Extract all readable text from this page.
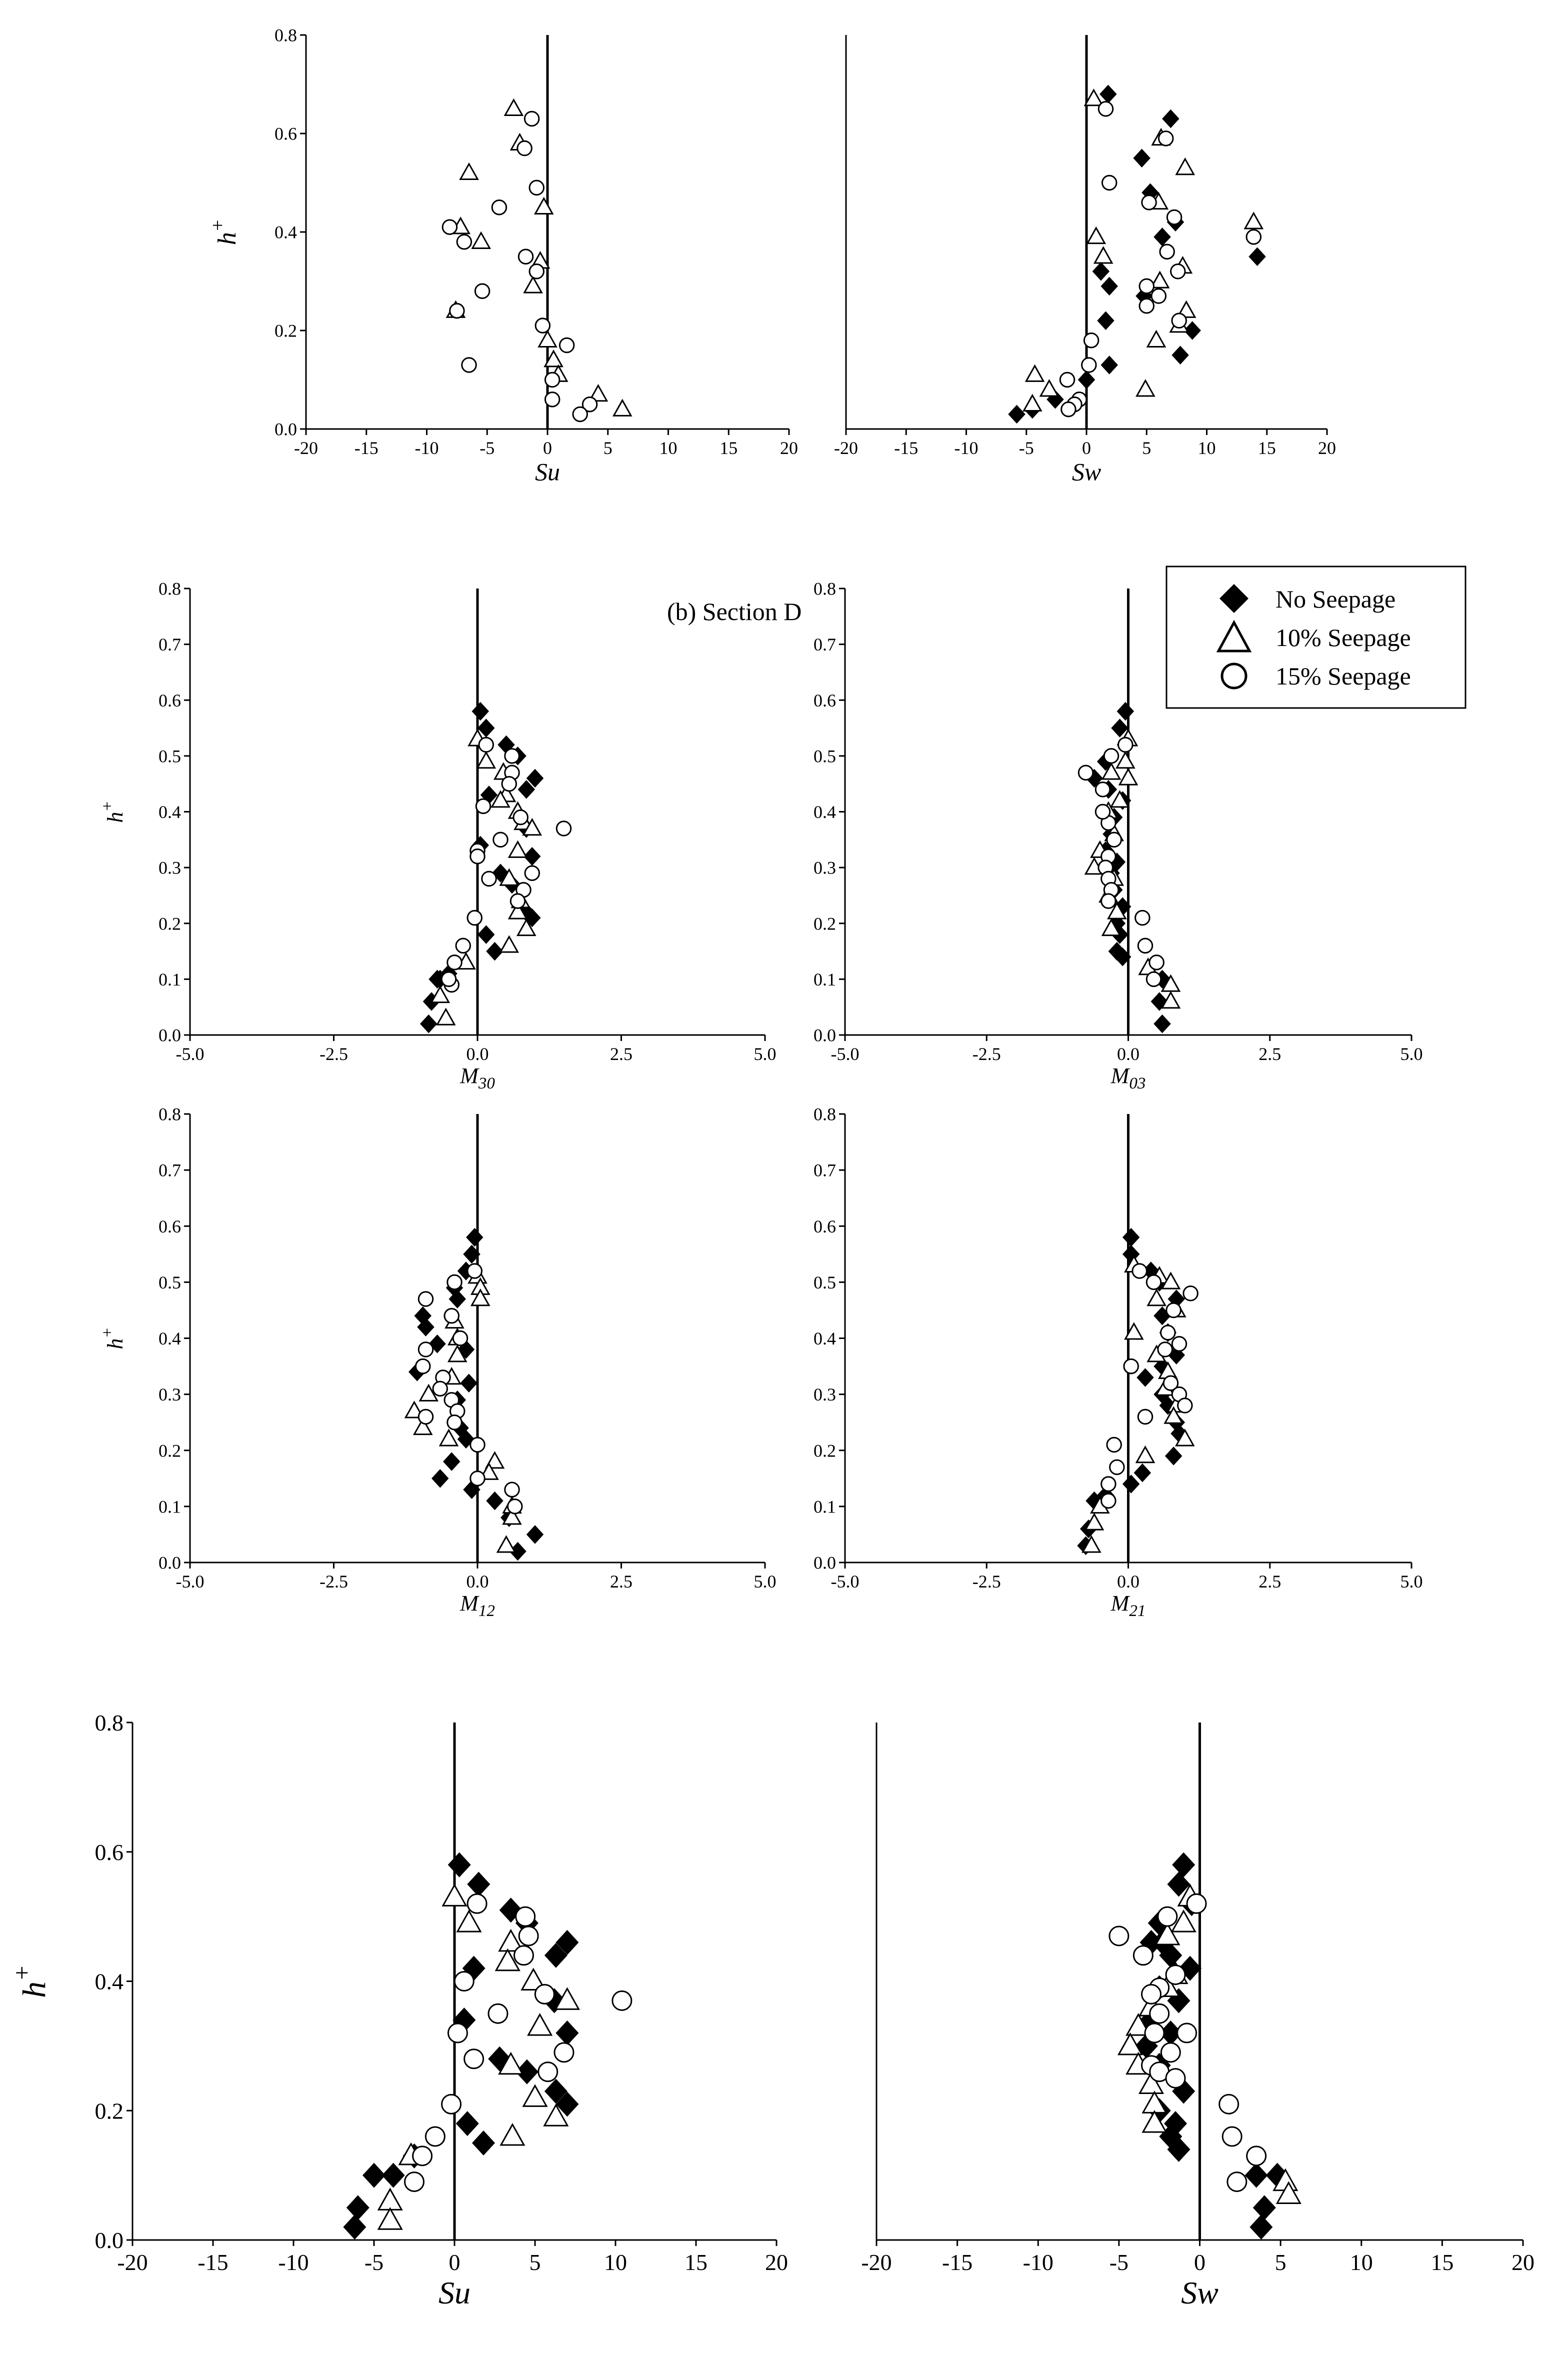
-20 -15 -10 -5	0	5	10 15 20
0.0
0.2
0.4
0.6
0.8
Su
h+
-20 -15 -10 -5	0	5	10 15 20
Sw
-5.0	-2.5	0.0	2.5	5.0
0.0
0.1
0.2
0.3
0.4
0.5
0.6
0.7
0.8
$M_{30}$
h+
-5.0	-2.5	0.0	2.5	5.0
0.0
0.1
0.2
0.3
0.4
0.5
0.6
0.7
0.8
$M_{03}$
-5.0	-2.5	0.0	2.5	5.0
0.0
0.1
0.2
0.3
0.4
0.5
0.6
0.7
0.8
$M_{12}$
h+
-5.0	-2.5	0.0	2.5	5.0
0.0
0.1
0.2
0.3
0.4
0.5
0.6
0.7
0.8
$M_{21}$
-20 -15 -10 -5	0	5	10	15	20
0.0
0.2
0.4
0.6
0.8
Su
h+
-20 -15 -10 -5	0	5	10	15	20
Sw
(b) Section D	No Seepage
10% Seepage
15% Seepage
